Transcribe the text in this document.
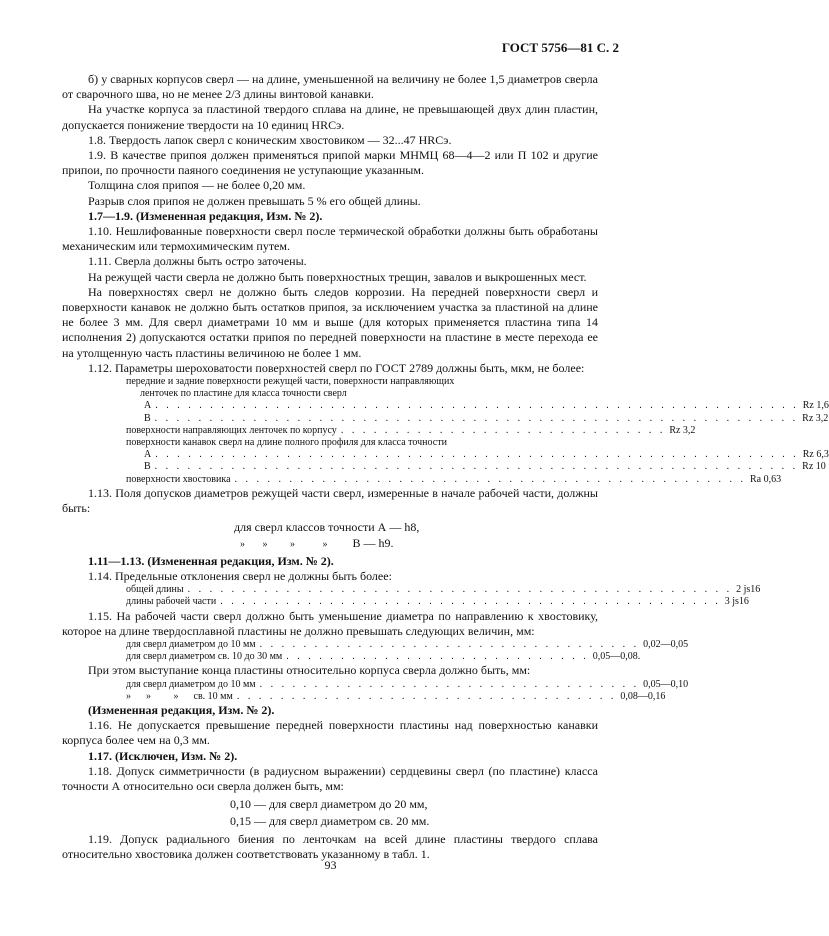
ГОСТ 5756—81 С. 2

б) у сварных корпусов сверл — на длине, уменьшенной на величину не более 1,5 диаметров сверла от сварочного шва, но не менее 2/3 длины винтовой канавки.

На участке корпуса за пластиной твердого сплава на длине, не превышающей двух длин пластин, допускается понижение твердости на 10 единиц HRCэ.

1.8. Твердость лапок сверл с коническим хвостовиком — 32...47 HRCэ.

1.9. В качестве припоя должен применяться припой марки МНМЦ 68—4—2 или П 102 и другие припои, по прочности паяного соединения не уступающие указанным.

Толщина слоя припоя — не более 0,20 мм.

Разрыв слоя припоя не должен превышать 5 % его общей длины.

1.7—1.9. (Измененная редакция, Изм. № 2).

1.10. Нешлифованные поверхности сверл после термической обработки должны быть обработаны механическим или термохимическим путем.

1.11. Сверла должны быть остро заточены.

На режущей части сверла не должно быть поверхностных трещин, завалов и выкрошенных мест.

На поверхностях сверл не должно быть следов коррозии. На передней поверхности сверл и поверхности канавок не должно быть остатков припоя, за исключением участка за пластиной на длине не более 3 мм. Для сверл диаметрами 10 мм и выше (для которых применяется пластина типа 14 исполнения 2) допускаются остатки припоя по передней поверхности на пластине в месте перехода ее на утолщенную часть пластины величиною не более 1 мм.

1.12. Параметры шероховатости поверхностей сверл по ГОСТ 2789 должны быть, мкм, не более:

передние и задние поверхности режущей части, поверхности направляющих
ленточек по пластине для класса точности сверл
А . . . . . . . . . . . . . . . . . . . . . . . . . . . . . . . . . . . . . . . . . . . . . . . . . . . . . . . . . . . Rz 1,6
В . . . . . . . . . . . . . . . . . . . . . . . . . . . . . . . . . . . . . . . . . . . . . . . . . . . . . . . . . . . Rz 3,2
поверхности направляющих ленточек по корпусу . . . . . . . . . . . . . . . . . . . . . . . . . . . . . . Rz 3,2
поверхности канавок сверл на длине полного профиля для класса точности
А . . . . . . . . . . . . . . . . . . . . . . . . . . . . . . . . . . . . . . . . . . . . . . . . . . . . . . . . . . . Rz 6,3
В . . . . . . . . . . . . . . . . . . . . . . . . . . . . . . . . . . . . . . . . . . . . . . . . . . . . . . . . . . . Rz 10
поверхности хвостовика . . . . . . . . . . . . . . . . . . . . . . . . . . . . . . . . . . . . . . . . . . . . . . . Ra 0,63

1.13. Поля допусков диаметров режущей части сверл, измеренные в начале рабочей части, должны быть:

для сверл классов точности А — h8,
»       »         »           » В — h9.

1.11—1.13. (Измененная редакция, Изм. № 2).

1.14. Предельные отклонения сверл не должны быть более:

общей длины . . . . . . . . . . . . . . . . . . . . . . . . . . . . . . . . . . . . . . . . . . . . . . . . . . 2 js16
длины рабочей части . . . . . . . . . . . . . . . . . . . . . . . . . . . . . . . . . . . . . . . . . . . . . . 3 js16

1.15. На рабочей части сверл должно быть уменьшение диаметра по направлению к хвостовику, которое на длине твердосплавной пластины не должно превышать следующих величин, мм:

для сверл диаметром до 10 мм . . . . . . . . . . . . . . . . . . . . . . . . . . . . . . . . . . . 0,02—0,05
для сверл диаметром св. 10 до 30 мм . . . . . . . . . . . . . . . . . . . . . . . . . . . . 0,05—0,08.

При этом выступание конца пластины относительно корпуса сверла должно быть, мм:

для сверл диаметром до 10 мм . . . . . . . . . . . . . . . . . . . . . . . . . . . . . . . . . . . 0,05—0,10
»      »         »      св. 10 мм . . . . . . . . . . . . . . . . . . . . . . . . . . . . . . . . . . . 0,08—0,16

(Измененная редакция, Изм. № 2).

1.16. Не допускается превышение передней поверхности пластины над поверхностью канавки корпуса более чем на 0,3 мм.

1.17. (Исключен, Изм. № 2).

1.18. Допуск симметричности (в радиусном выражении) сердцевины сверл (по пластине) класса точности А относительно оси сверла должен быть, мм:

0,10 — для сверл диаметром до 20 мм,
0,15 — для сверл диаметром св. 20 мм.

1.19. Допуск радиального биения по ленточкам на всей длине пластины твердого сплава относительно хвостовика должен соответствовать указанному в табл. 1.

93
